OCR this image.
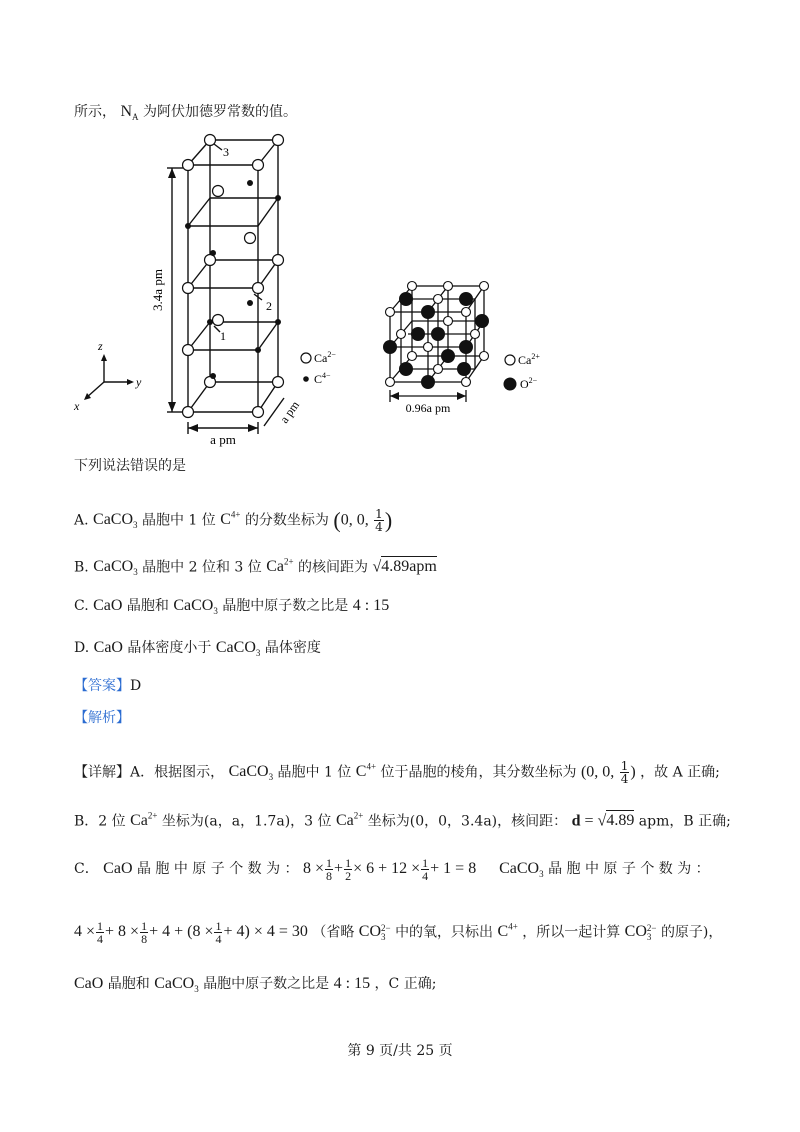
所示， $N_A$ 为阿伏加德罗常数的值。
3.4a pm
a pm
a pm
z
y
x
3
2
1
$Ca^{2-}$
$C^{4-}$
0.96a pm
$Ca^{2+}$
$O^{2-}$
下列说法错误的是
A. CaCO$_3$ 晶胞中 1 位 $C^{4+}$ 的分数坐标为 (0, 0, $\frac{1}{4}$ )
B. CaCO$_3$ 晶胞中 2 位和 3 位 $Ca^{2+}$ 的核间距为 √4.89apm
C. CaO 晶胞和 CaCO$_3$ 晶胞中原子数之比是 4 : 15
D. CaO 晶体密度小于 CaCO$_3$ 晶体密度
【答案】D
【解析】
【详解】A．根据图示， CaCO$_3$ 晶胞中 1 位 $C^{4+}$ 位于晶胞的棱角，其分数坐标为 (0, 0, $\frac{1}{4}$ ) ，故 A 正确;
B．2 位 $Ca^{2+}$ 坐标为(a，a，1.7a)，3 位 $Ca^{2+}$ 坐标为(0，0，3.4a)，核间距： d = √4.89 apm，B 正确;
C． CaO 晶 胞 中 原 子 个 数 为 ： $8 \times \frac{1}{8} + \frac{1}{2} \times 6 + 12 \times \frac{1}{4} + 1 = 8$ CaCO$_3$ 晶 胞 中 原 子 个 数 为 ：
$4 \times \frac{1}{4} + 8 \times \frac{1}{8} + 4 + (8 \times \frac{1}{4} + 4) \times 4 = 30$ （省略 CO 2−
3 中的氧，只标出 $C^{4+}$ ，所以一起计算 CO 2−
3 的原子)，
CaO 晶胞和 CaCO$_3$ 晶胞中原子数之比是 4 : 15 ，C 正确;
第 9 页/共 25 页
